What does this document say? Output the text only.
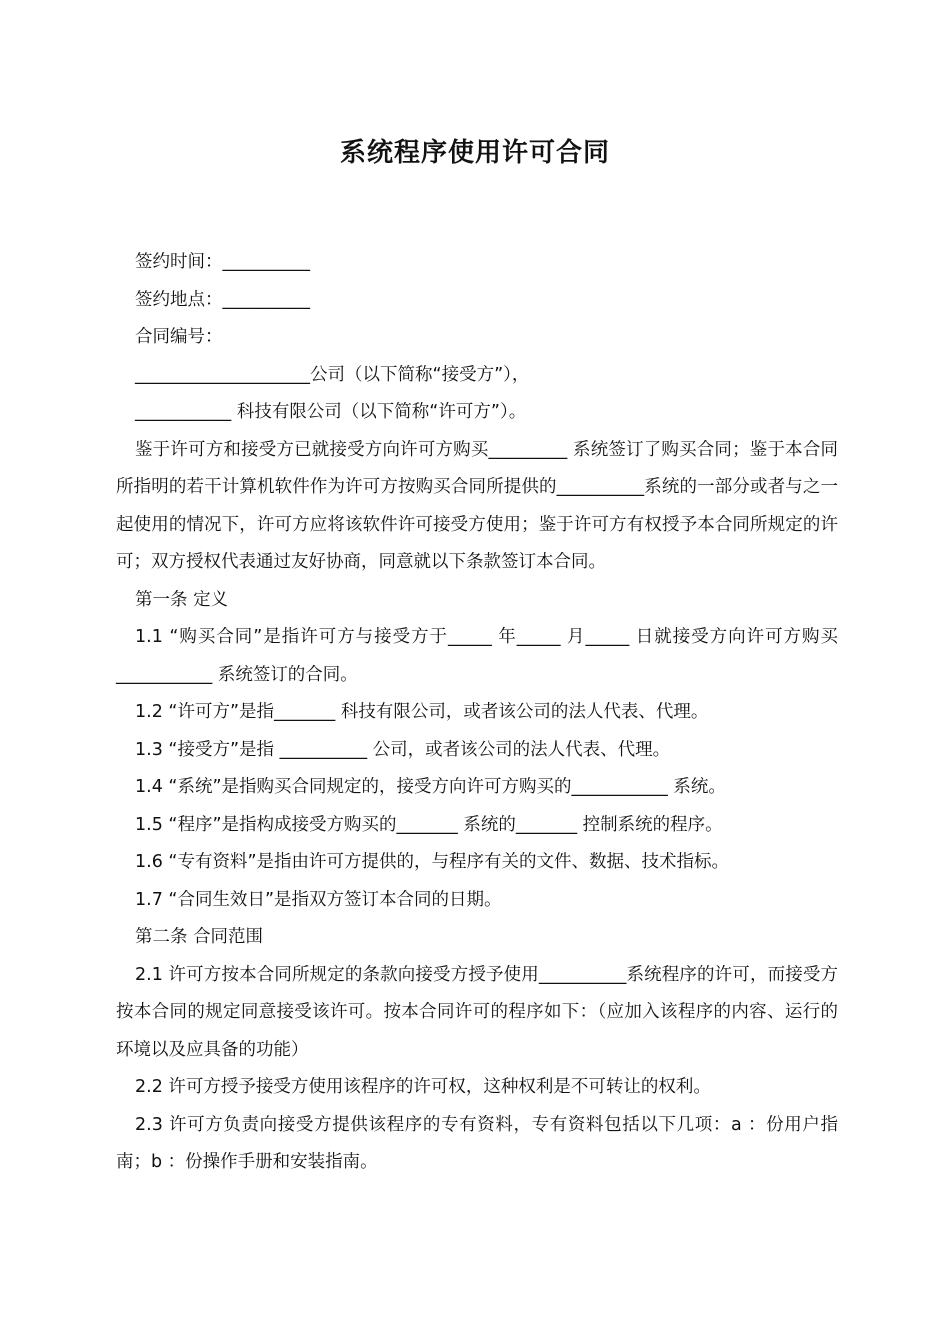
系统程序使用许可合同

签约时间：__________

签约地点：__________

合同编号：

____________________公司（以下简称“接受方”），

___________ 科技有限公司（以下简称“许可方”）。

鉴于许可方和接受方已就接受方向许可方购买_________ 系统签订了购买合同；鉴于本合同所指明的若干计算机软件作为许可方按购买合同所提供的__________系统的一部分或者与之一起使用的情况下，许可方应将该软件许可接受方使用；鉴于许可方有权授予本合同所规定的许可；双方授权代表通过友好协商，同意就以下条款签订本合同。

第一条 定义

1.1 “购买合同”是指许可方与接受方于_____ 年_____ 月_____ 日就接受方向许可方购买___________ 系统签订的合同。

1.2 “许可方”是指_______ 科技有限公司，或者该公司的法人代表、代理。

1.3 “接受方”是指 __________ 公司，或者该公司的法人代表、代理。

1.4 “系统”是指购买合同规定的，接受方向许可方购买的___________ 系统。

1.5 “程序”是指构成接受方购买的_______ 系统的_______ 控制系统的程序。

1.6 “专有资料”是指由许可方提供的，与程序有关的文件、数据、技术指标。

1.7 “合同生效日”是指双方签订本合同的日期。

第二条 合同范围

2.1 许可方按本合同所规定的条款向接受方授予使用__________系统程序的许可，而接受方按本合同的规定同意接受该许可。按本合同许可的程序如下：（应加入该程序的内容、运行的环境以及应具备的功能）

2.2 许可方授予接受方使用该程序的许可权，这种权利是不可转让的权利。

2.3 许可方负责向接受方提供该程序的专有资料，专有资料包括以下几项：a ：份用户指南；b ：份操作手册和安装指南。
